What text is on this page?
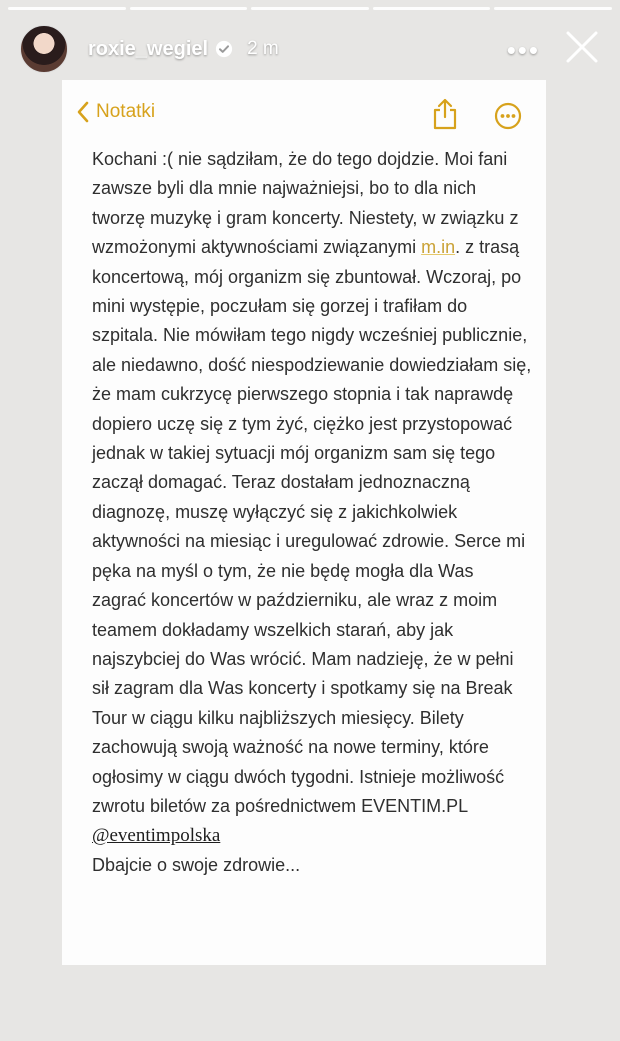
roxie_wegiel 2 m	•••
Notatki

Kochani :( nie sądziłam, że do tego dojdzie. Moi fani zawsze byli dla mnie najważniejsi, bo to dla nich tworzę muzykę i gram koncerty. Niestety, w związku z wzmożonymi aktywnościami związanymi m.in. z trasą koncertową, mój organizm się zbuntował. Wczoraj, po mini występie, poczułam się gorzej i trafiłam do szpitala. Nie mówiłam tego nigdy wcześniej publicznie, ale niedawno, dość niespodziewanie dowiedziałam się, że mam cukrzycę pierwszego stopnia i tak naprawdę dopiero uczę się z tym żyć, ciężko jest przystopować jednak w takiej sytuacji mój organizm sam się tego zaczął domagać. Teraz dostałam jednoznaczną diagnozę, muszę wyłączyć się z jakichkolwiek aktywności na miesiąc i uregulować zdrowie. Serce mi pęka na myśl o tym, że nie będę mogła dla Was zagrać koncertów w październiku, ale wraz z moim teamem dokładamy wszelkich starań, aby jak najszybciej do Was wrócić. Mam nadzieję, że w pełni sił zagram dla Was koncerty i spotkamy się na Break Tour w ciągu kilku najbliższych miesięcy. Bilety zachowują swoją ważność na nowe terminy, które ogłosimy w ciągu dwóch tygodni. Istnieje możliwość zwrotu biletów za pośrednictwem EVENTIM.PL

@eventimpolska

Dbajcie o swoje zdrowie...
